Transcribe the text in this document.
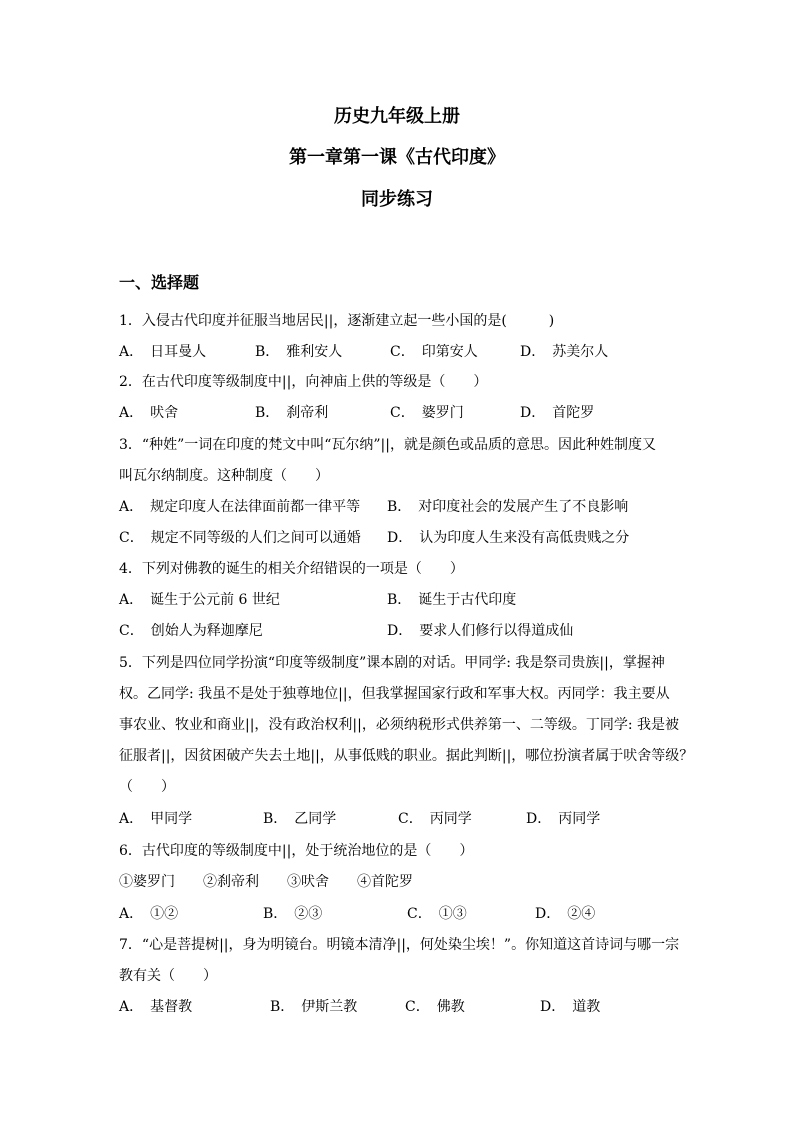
历史九年级上册
第一章第一课《古代印度》
同步练习
一、选择题
1．入侵古代印度并征服当地居民||，逐渐建立起一些小国的是(　　　)
A．　日耳曼人	B．　雅利安人	C．　印第安人	D．　苏美尔人
2．在古代印度等级制度中||，向神庙上供的等级是（　　）
A．　吠舍	B．　刹帝利	C．　婆罗门	D．　首陀罗
3．“种姓”一词在印度的梵文中叫“瓦尔纳”||，就是颜色或品质的意思。因此种姓制度又
叫瓦尔纳制度。这种制度（　　）
A．　规定印度人在法律面前都一律平等 B．　对印度社会的发展产生了不良影响
C．　规定不同等级的人们之间可以通婚 D．　认为印度人生来没有高低贵贱之分
4．下列对佛教的诞生的相关介绍错误的一项是（　　）
A．　诞生于公元前 6 世纪	B．　诞生于古代印度
C．　创始人为释迦摩尼	D．　要求人们修行以得道成仙
5．下列是四位同学扮演“印度等级制度”课本剧的对话。甲同学: 我是祭司贵族||，掌握神
权。乙同学: 我虽不是处于独尊地位||，但我掌握国家行政和军事大权。丙同学：我主要从
事农业、牧业和商业||，没有政治权利||，必须纳税形式供养第一、二等级。丁同学: 我是被
征服者||，因贫困破产失去土地||，从事低贱的职业。据此判断||，哪位扮演者属于吠舍等级？
（　　）
A．　甲同学	B．　乙同学	C．　丙同学	D．　丙同学
6．古代印度的等级制度中||，处于统治地位的是（　　）
①婆罗门　　②刹帝利　　③吠舍　　④首陀罗
A．　①②	B．　②③	C．　①③	D．　②④
7．“心是菩提树||，身为明镜台。明镜本清净||，何处染尘埃！”。你知道这首诗词与哪一宗
教有关（　　）
A．　基督教	B．　伊斯兰教	C．　佛教	D．　道教
